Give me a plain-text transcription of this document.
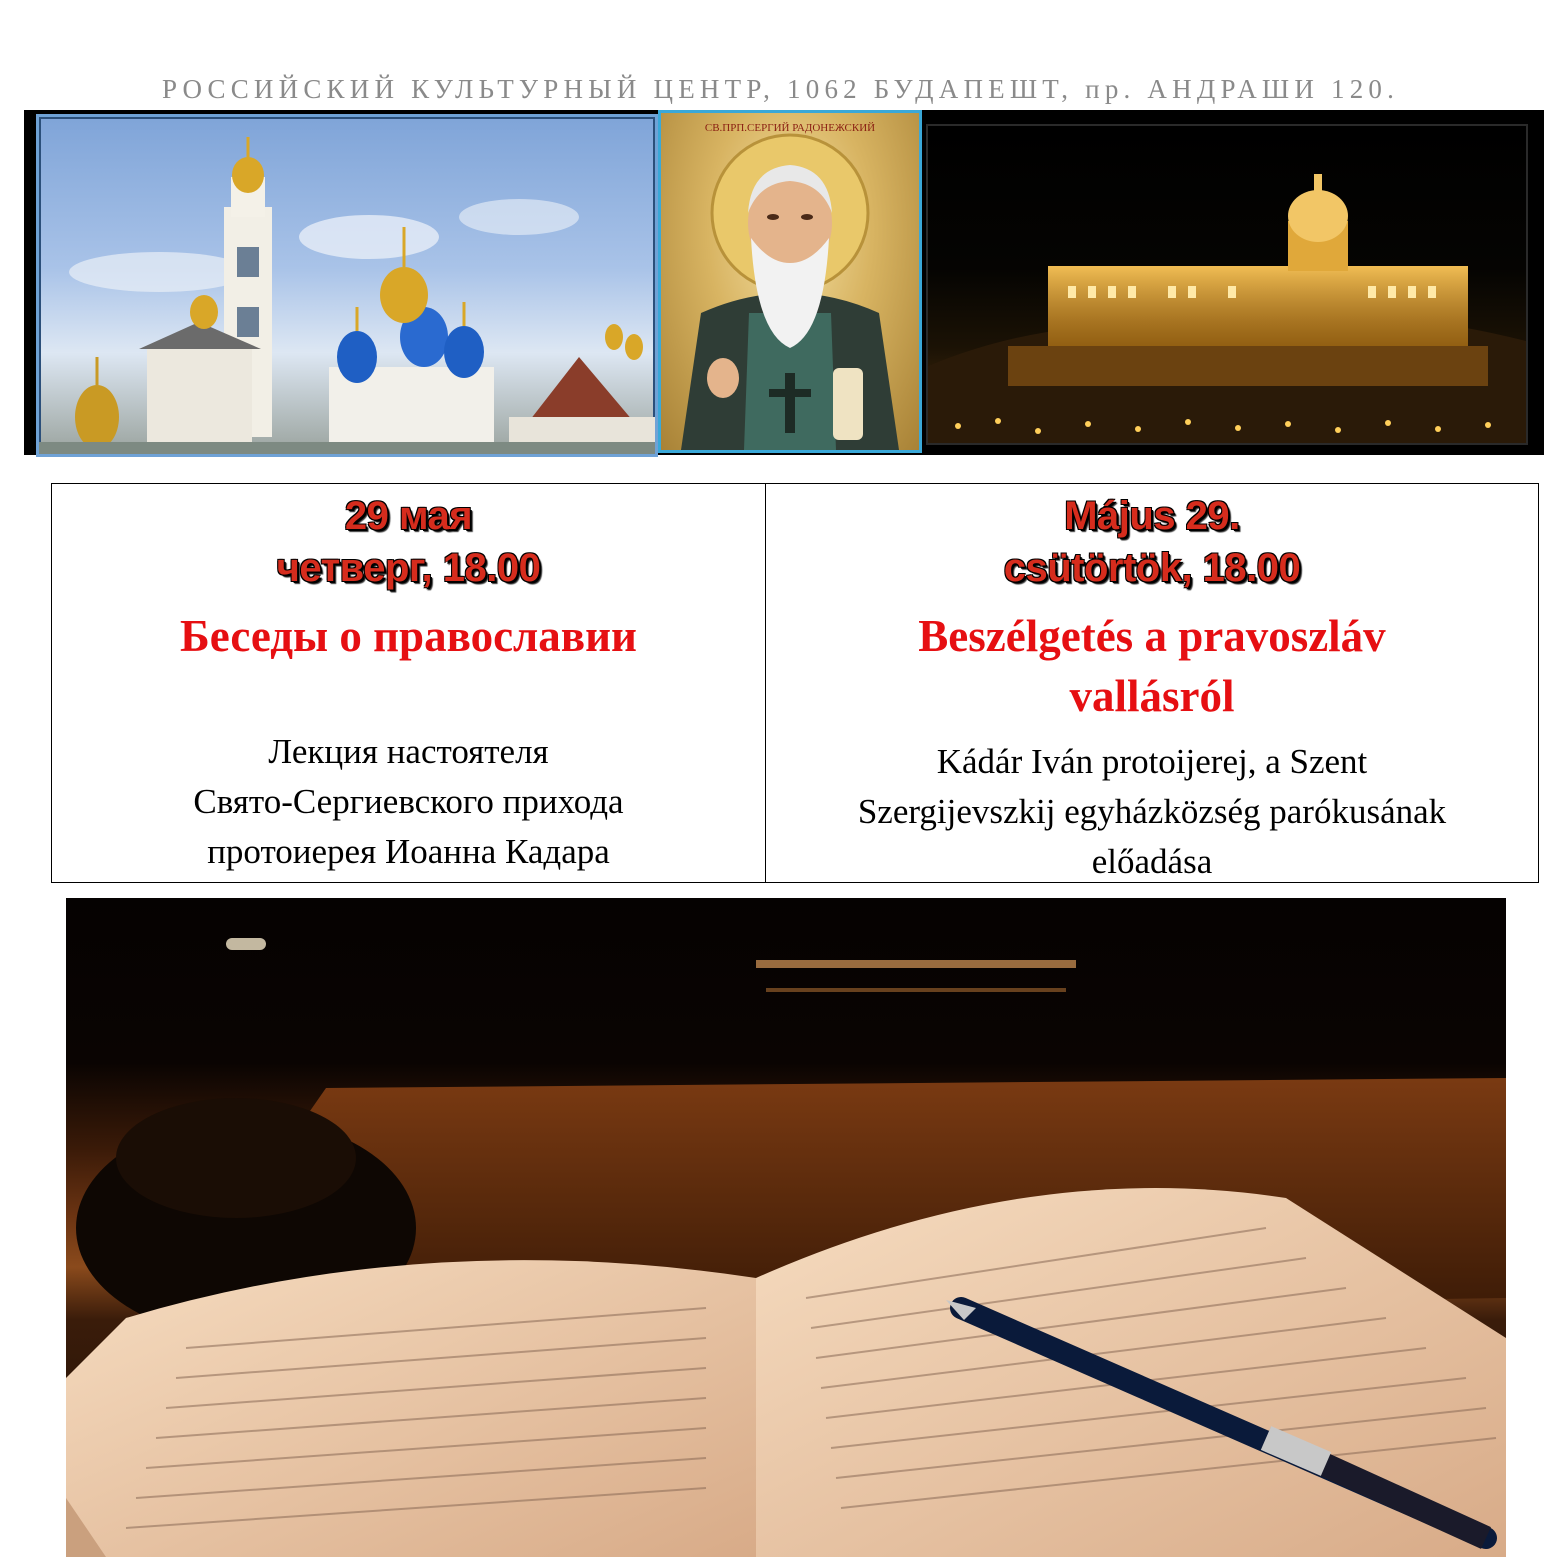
РОССИЙСКИЙ КУЛЬТУРНЫЙ ЦЕНТР, 1062 БУДАПЕШТ, пр. АНДРАШИ 120.
СВ.ПРП.СЕРГИЙ РАДОНЕЖСКИЙ
29 мая
четверг, 18.00
Беседы о православии
Лекция настоятеля
Свято-Сергиевского прихода
протоиерея Иоанна Кадара
Május 29.
csütörtök, 18.00
Beszélgetés a pravoszláv
vallásról
Kádár Iván protoijerej, a Szent
Szergijevszkij egyházközség parókusának
előadása
